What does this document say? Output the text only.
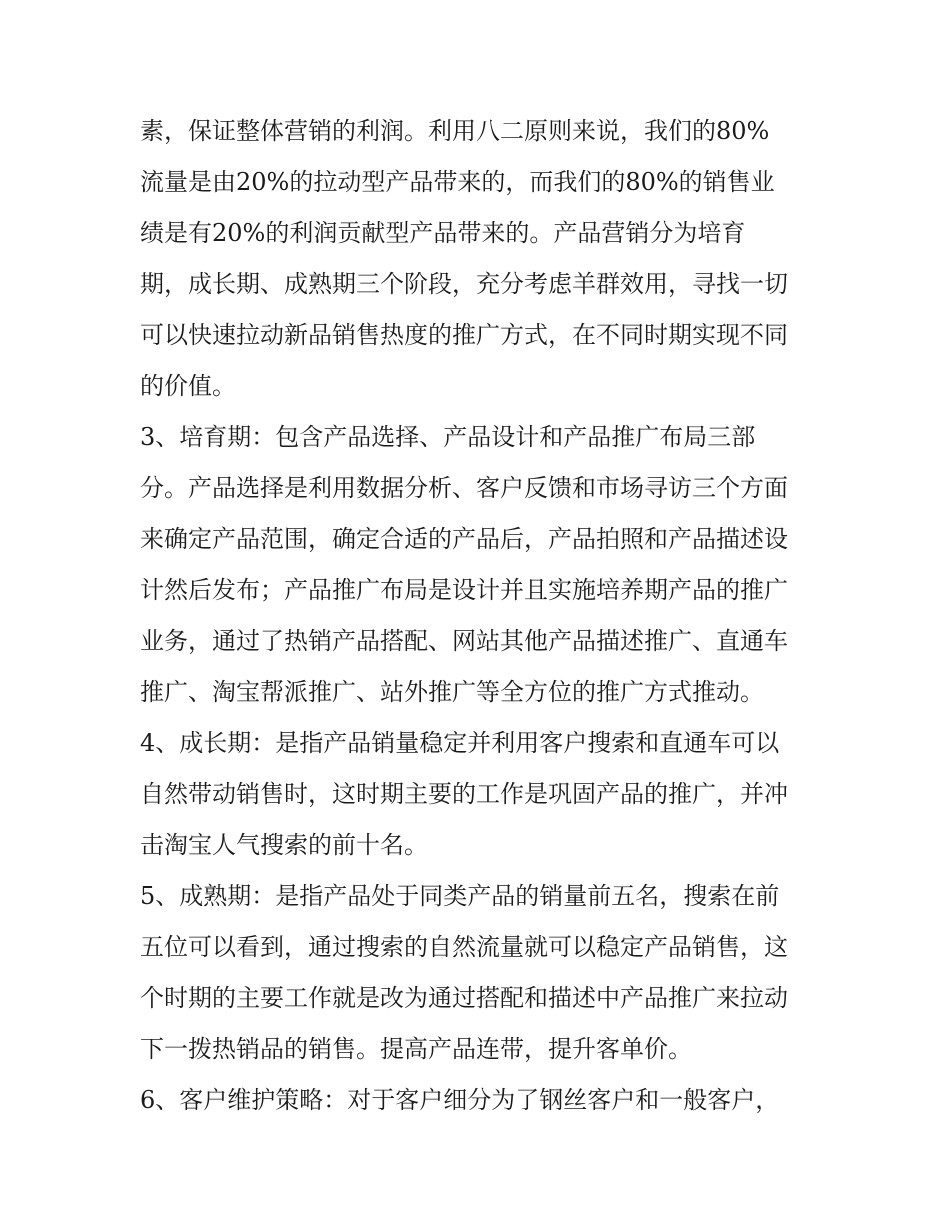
素，保证整体营销的利润。利用八二原则来说，我们的80%
流量是由20%的拉动型产品带来的，而我们的80%的销售业
绩是有20%的利润贡献型产品带来的。产品营销分为培育
期，成长期、成熟期三个阶段，充分考虑羊群效用，寻找一切
可以快速拉动新品销售热度的推广方式，在不同时期实现不同
的价值。
3、培育期：包含产品选择、产品设计和产品推广布局三部
分。产品选择是利用数据分析、客户反馈和市场寻访三个方面
来确定产品范围，确定合适的产品后，产品拍照和产品描述设
计然后发布；产品推广布局是设计并且实施培养期产品的推广
业务，通过了热销产品搭配、网站其他产品描述推广、直通车
推广、淘宝帮派推广、站外推广等全方位的推广方式推动。
4、成长期：是指产品销量稳定并利用客户搜索和直通车可以
自然带动销售时，这时期主要的工作是巩固产品的推广，并冲
击淘宝人气搜索的前十名。
5、成熟期：是指产品处于同类产品的销量前五名，搜索在前
五位可以看到，通过搜索的自然流量就可以稳定产品销售，这
个时期的主要工作就是改为通过搭配和描述中产品推广来拉动
下一拨热销品的销售。提高产品连带，提升客单价。
6、客户维护策略：对于客户细分为了钢丝客户和一般客户，
